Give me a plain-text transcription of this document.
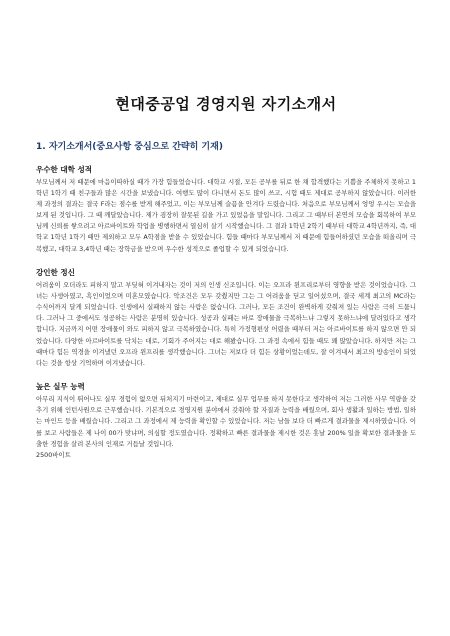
현대중공업 경영지원 자기소개서
1. 자기소개서(중요사항 중심으로 간략히 기재)

우수한 대학 성적

부모님께서 저 때문에 마음이따하실 때가 가장 힘들었습니다. 대학교 시절, 모든 공부를 뒤로 한 채 합격했다는 기쁨을 주체하지 못하고 1학년 1학기 때 친구들과 많은 시간을 보냈습니다. 여행도 많이 다니면서 돈도 많이 쓰고, 시험 때도 제대로 공부하지 않았습니다. 이러한 제 과정의 결과는 결국 F라는 점수를 받게 해주었고, 이는 부모님께 슬픔을 안겨다 드렸습니다. 처음으로 부모님께서 엉엉 우시는 모습을 보게 된 것입니다. 그 때 깨달았습니다. 제가 굉장히 잘못된 길을 가고 있었음을 말입니다. 그리고 그 때부터 본연의 모습을 회복하여 부모님께 신뢰를 쌓으려고 아르바이트와 학업을 병행하면서 열심히 살기 시작했습니다. 그 결과 1학년 2학기 때부터 대학교 4학년까지, 즉, 대학교 1학년 1학기 때만 제외하고 모두 A학점을 받을 수 있었습니다. 힘들 때마다 부모님께서 저 때문에 힘들어하셨던 모습을 떠올리며 극복했고, 대학교 3,4학년 때는 장학금을 받으며 우수한 성적으로 졸업할 수 있게 되었습니다.

강인한 정신

어려움이 오더라도 피하지 말고 부딪혀 이겨내자는 것이 저의 인생 신조입니다. 이는 오프라 윈프리로부터 영향을 받은 것이었습니다. 그녀는 사생아였고, 흑인이었으며 미혼모였습니다. 악조건은 모두 갖췄지만 그는 그 어려움을 딛고 일어섰으며, 결국 세계 최고의 MC라는 수식어까지 달게 되었습니다. 인생에서 실패하지 않는 사람은 없습니다. 그러나, 모든 조건이 완벽하게 갖춰져 있는 사람은 극히 드뭅니다. 그러나 그 중에서도 성공하는 사람은 분명히 있습니다. 성공과 실패는 바로 장애물을 극복하느냐 그렇지 못하느냐에 달려있다고 생각합니다. 지금까지 어떤 장애물이 와도 피하지 않고 극복하였습니다. 특히 가정형편상 어렸을 때부터 저는 아르바이트를 하지 않으면 안 되었습니다. 다양한 아르바이트를 닥치는 대로, 기회가 주어지는 대로 해봤습니다. 그 과정 속에서 힘들 때도 꽤 많았습니다. 하지만 저는 그 때마다 힘든 역경을 이겨냈던 오프라 윈프리를 생각했습니다. 그녀는 저보다 더 힘든 상황이었는데도, 잘 이겨내서 최고의 방송인이 되었다는 것을 항상 기억하며 이겨냈습니다.

높은 실무 능력

아무리 지식이 뛰어나도 실무 경험이 없으면 뒤처지기 마련이고, 제대로 실무 업무를 하지 못한다고 생각하여 저는 그러한 사무 역량을 갖추기 위해 인턴사원으로 근무했습니다. 기본적으로 경영지원 분야에서 갖춰야 할 자질과 능력을 배웠으며, 회사 생활과 일하는 방법, 일하는 마인드 등을 배웠습니다. 그리고 그 과정에서 제 능력을 확인할 수 있었습니다. 저는 남들 보다 더 빠르게 결과물을 제시하였습니다. 이를 보고 사람들은 제 나이 00가 맞냐며, 의심할 정도였습니다. 정확하고 빠른 결과물을 제시한 것은 훗날 200% 일을 확보한 결과물을 도출한 경험을 살려 본사의 인재로 거듭날 것입니다.

2500바이트
